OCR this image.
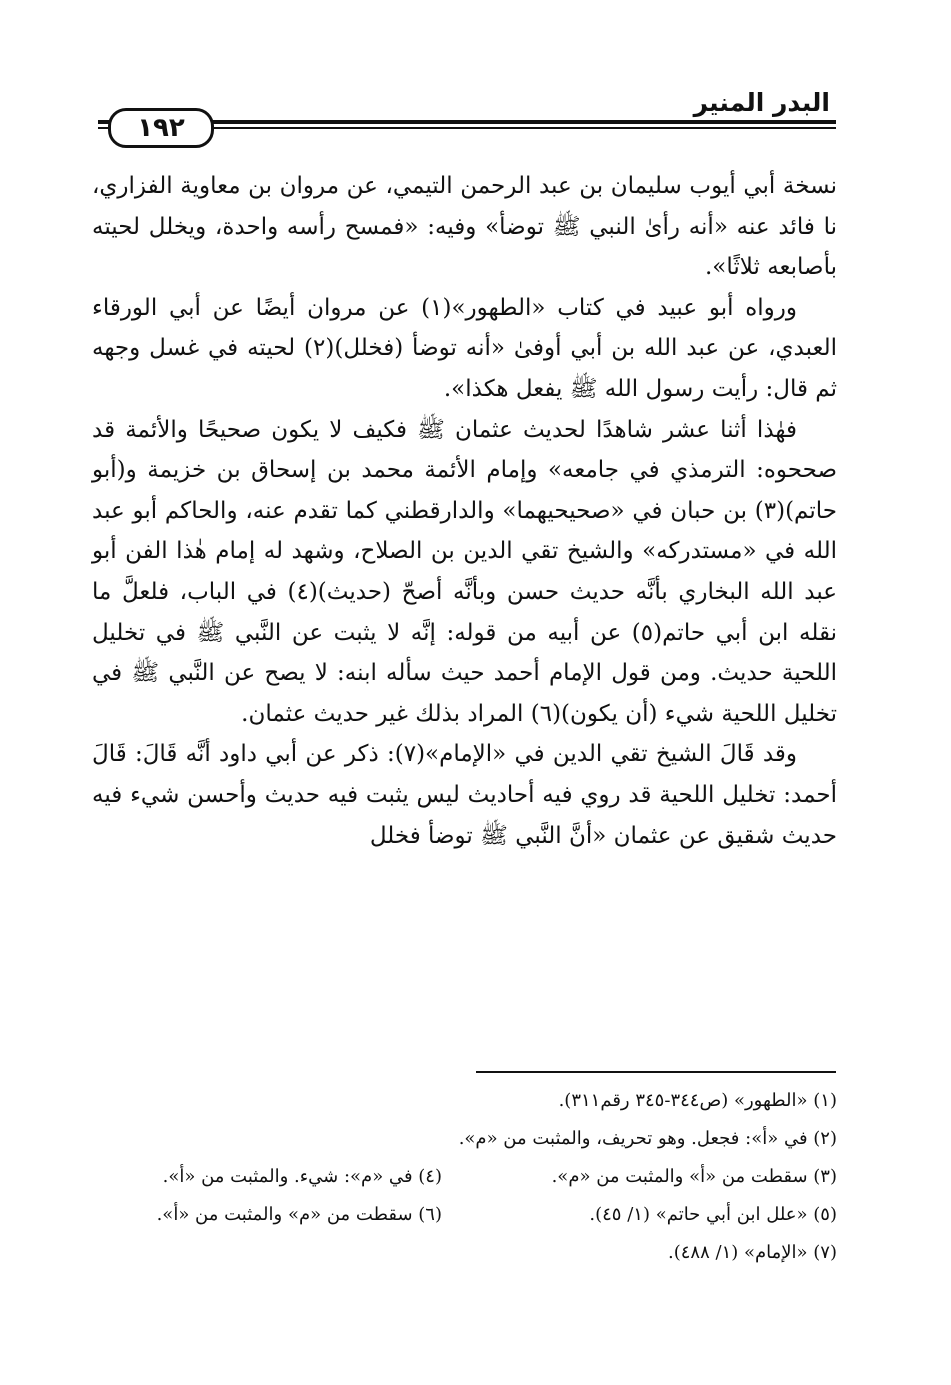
البدر المنير
١٩٢

نسخة أبي أيوب سليمان بن عبد الرحمن التيمي، عن مروان بن معاوية الفزاري، نا فائد عنه «أنه رأىٰ النبي ﷺ توضأ» وفيه: «فمسح رأسه واحدة، ويخلل لحيته بأصابعه ثلاثًا».

ورواه أبو عبيد في كتاب «الطهور»(١) عن مروان أيضًا عن أبي الورقاء العبدي، عن عبد الله بن أبي أوفىٰ «أنه توضأ (فخلل)(٢) لحيته في غسل وجهه ثم قال: رأيت رسول الله ﷺ يفعل هكذا».

فهٰذا أثنا عشر شاهدًا لحديث عثمان ﷺ فكيف لا يكون صحيحًا والأئمة قد صححوه: الترمذي في جامعه» وإمام الأئمة محمد بن إسحاق بن خزيمة و(أبو حاتم)(٣) بن حبان في «صحيحيهما» والدارقطني كما تقدم عنه، والحاكم أبو عبد الله في «مستدركه» والشيخ تقي الدين بن الصلاح، وشهد له إمام هٰذا الفن أبو عبد الله البخاري بأنَّه حديث حسن وبأنَّه أصحّ (حديث)(٤) في الباب، فلعلَّ ما نقله ابن أبي حاتم(٥) عن أبيه من قوله: إنَّه لا يثبت عن النَّبي ﷺ في تخليل اللحية حديث. ومن قول الإمام أحمد حيث سأله ابنه: لا يصح عن النَّبي ﷺ في تخليل اللحية شيء (أن يكون)(٦) المراد بذلك غير حديث عثمان.

وقد قَالَ الشيخ تقي الدين في «الإمام»(٧): ذكر عن أبي داود أنَّه قَالَ: قَالَ أحمد: تخليل اللحية قد روي فيه أحاديث ليس يثبت فيه حديث وأحسن شيء فيه حديث شقيق عن عثمان «أنَّ النَّبي ﷺ توضأ فخلل

(١) «الطهور» (ص٣٤٤-٣٤٥ رقم٣١١).
(٢) في «أ»: فجعل. وهو تحريف، والمثبت من «م».
(٣) سقطت من «أ» والمثبت من «م».
(٤) في «م»: شيء. والمثبت من «أ».
(٥) «علل ابن أبي حاتم» (١/ ٤٥).
(٦) سقطت من «م» والمثبت من «أ».
(٧) «الإمام» (١/ ٤٨٨).
